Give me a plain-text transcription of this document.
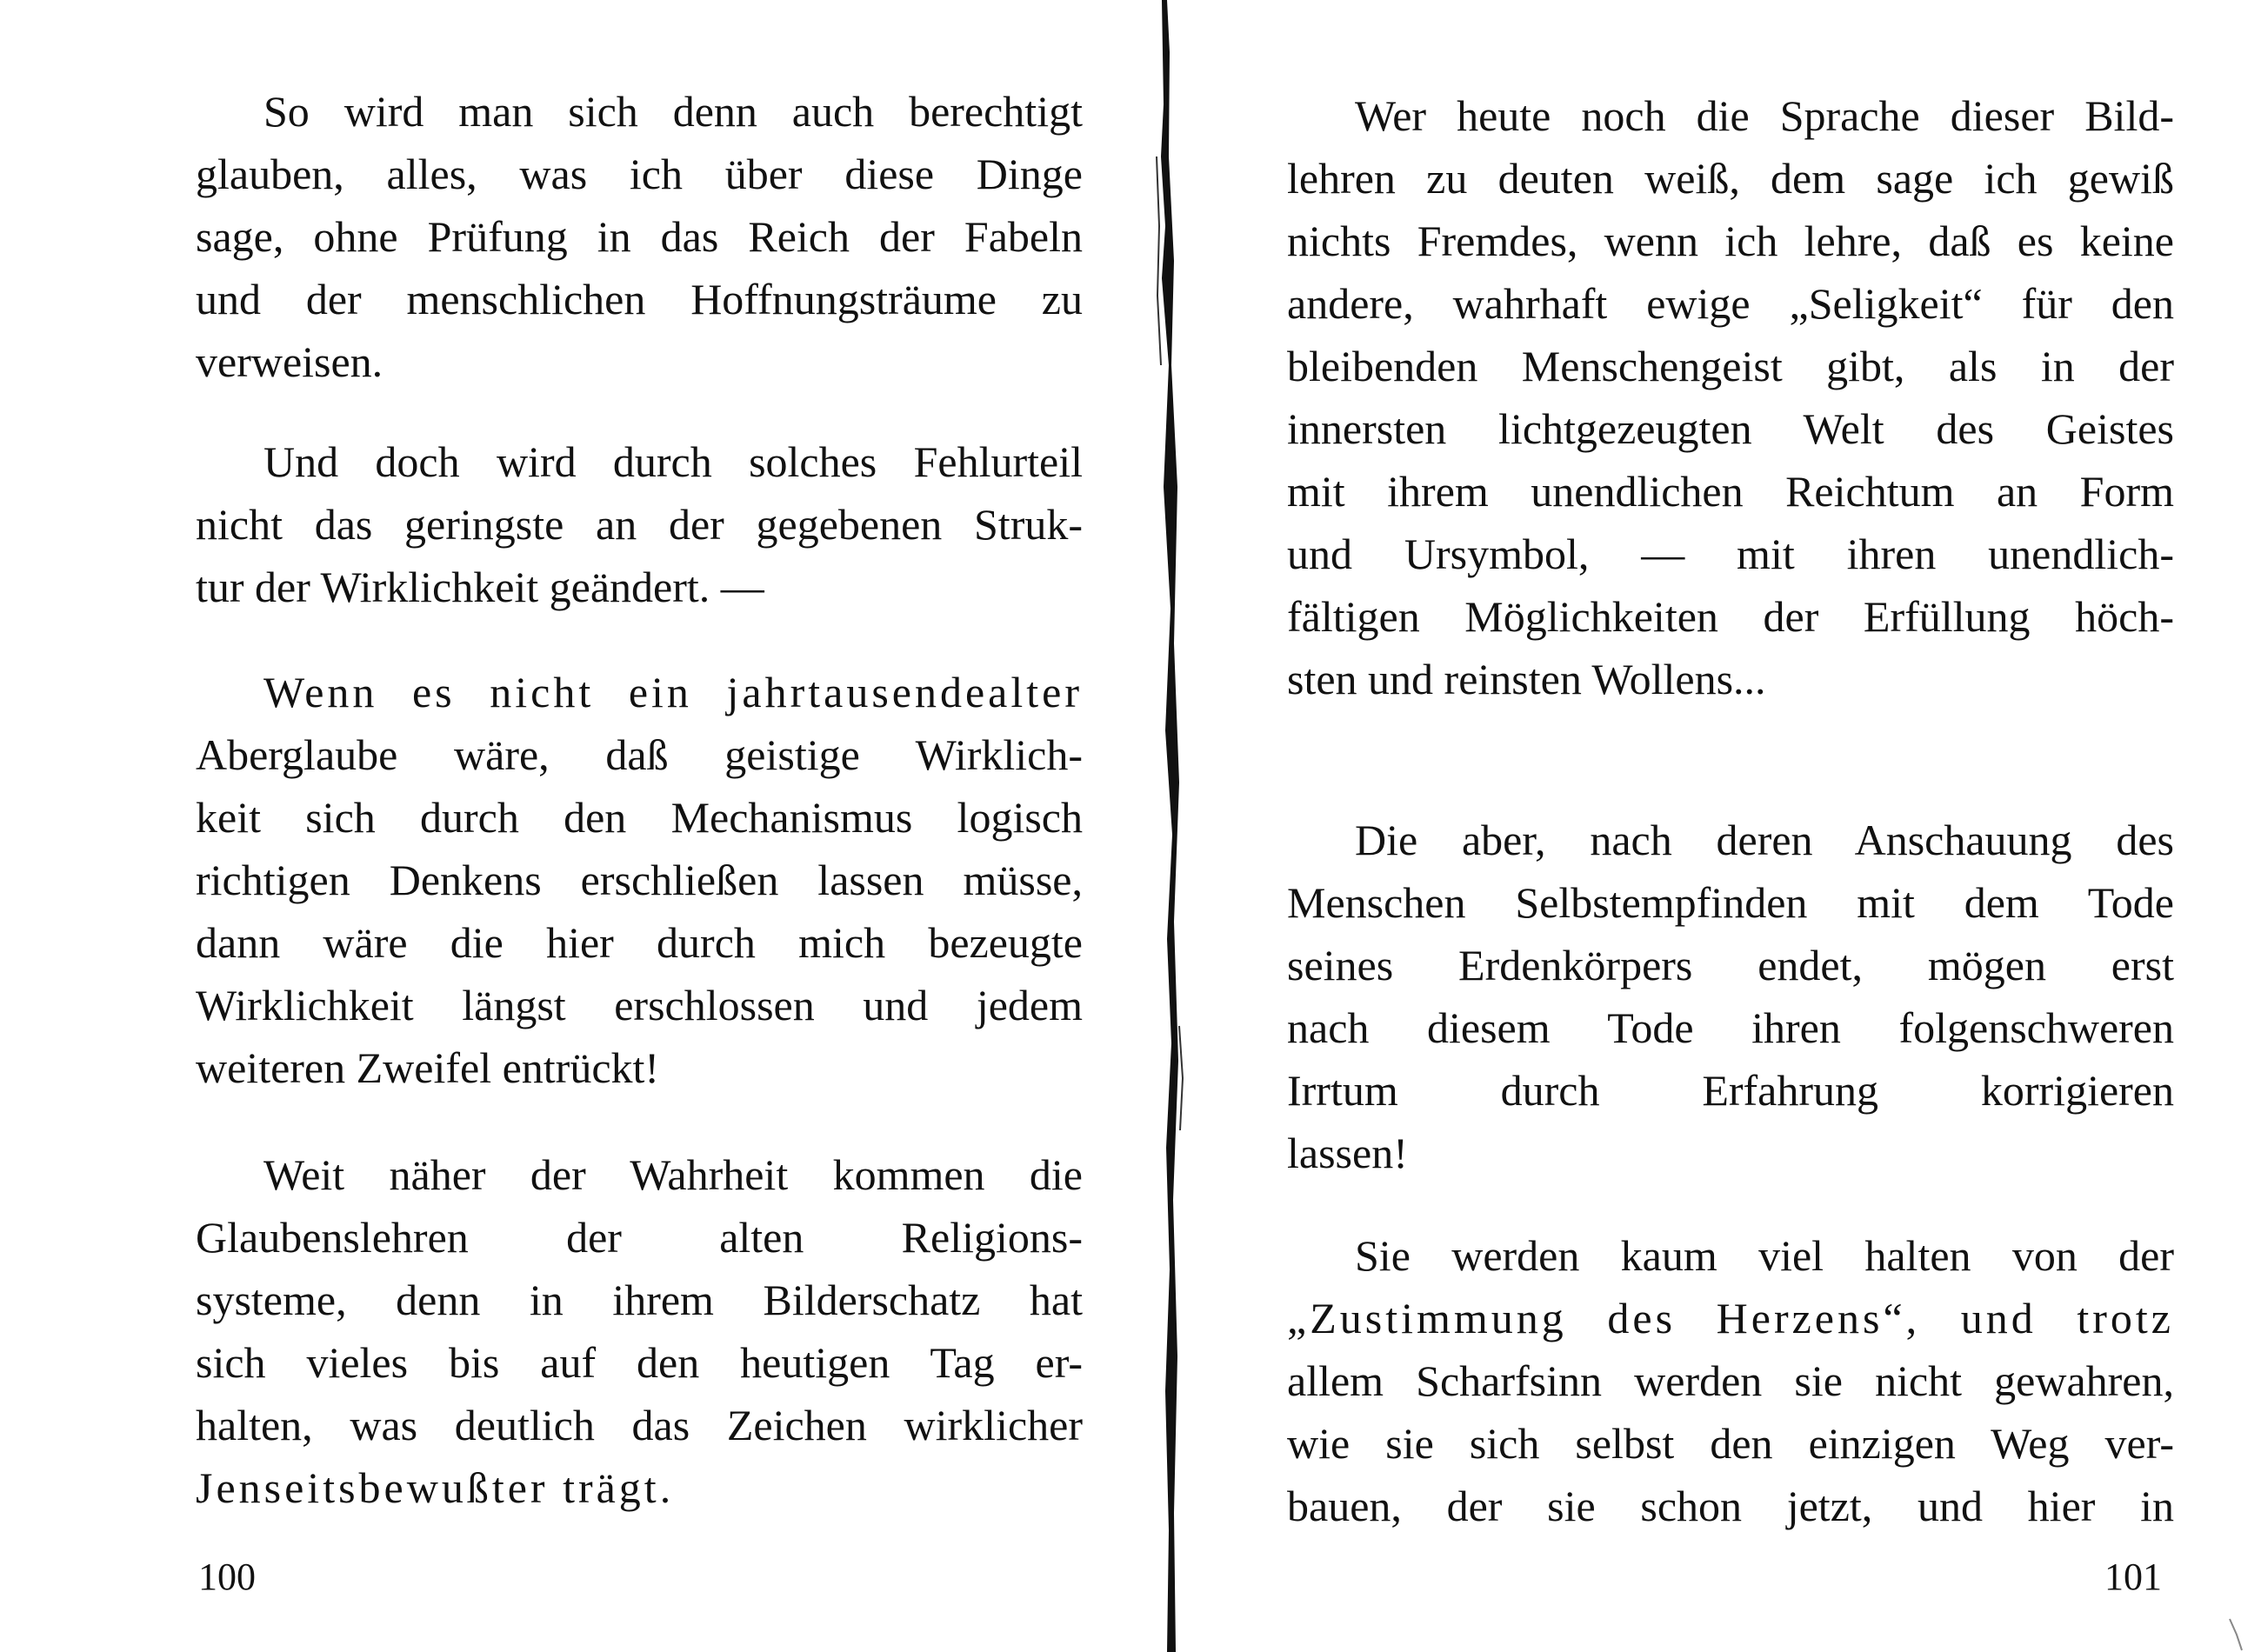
So wird man sich denn auch berechtigt
glauben, alles, was ich über diese Dinge
sage, ohne Prüfung in das Reich der Fabeln
und der menschlichen Hoffnungsträume zu
verweisen.

Und doch wird durch solches Fehlurteil
nicht das geringste an der gegebenen Struk-
tur der Wirklichkeit geändert. —

Wenn es nicht ein jahrtausendealter
Aberglaube wäre, daß geistige Wirklich-
keit sich durch den Mechanismus logisch
richtigen Denkens erschließen lassen müsse,
dann wäre die hier durch mich bezeugte
Wirklichkeit längst erschlossen und jedem
weiteren Zweifel entrückt!

Weit näher der Wahrheit kommen die
Glaubenslehren der alten Religions-
systeme, denn in ihrem Bilderschatz hat
sich vieles bis auf den heutigen Tag er-
halten, was deutlich das Zeichen wirklicher
Jenseitsbewußter trägt.

100

Wer heute noch die Sprache dieser Bild-
lehren zu deuten weiß, dem sage ich gewiß
nichts Fremdes, wenn ich lehre, daß es keine
andere, wahrhaft ewige „Seligkeit“ für den
bleibenden Menschengeist gibt, als in der
innersten lichtgezeugten Welt des Geistes
mit ihrem unendlichen Reichtum an Form
und Ursymbol, — mit ihren unendlich-
fältigen Möglichkeiten der Erfüllung höch-
sten und reinsten Wollens...

Die aber, nach deren Anschauung des
Menschen Selbstempfinden mit dem Tode
seines Erdenkörpers endet, mögen erst
nach diesem Tode ihren folgenschweren
Irrtum durch Erfahrung korrigieren
lassen!

Sie werden kaum viel halten von der
„Zustimmung des Herzens“, und trotz
allem Scharfsinn werden sie nicht gewahren,
wie sie sich selbst den einzigen Weg ver-
bauen, der sie schon jetzt, und hier in

101
